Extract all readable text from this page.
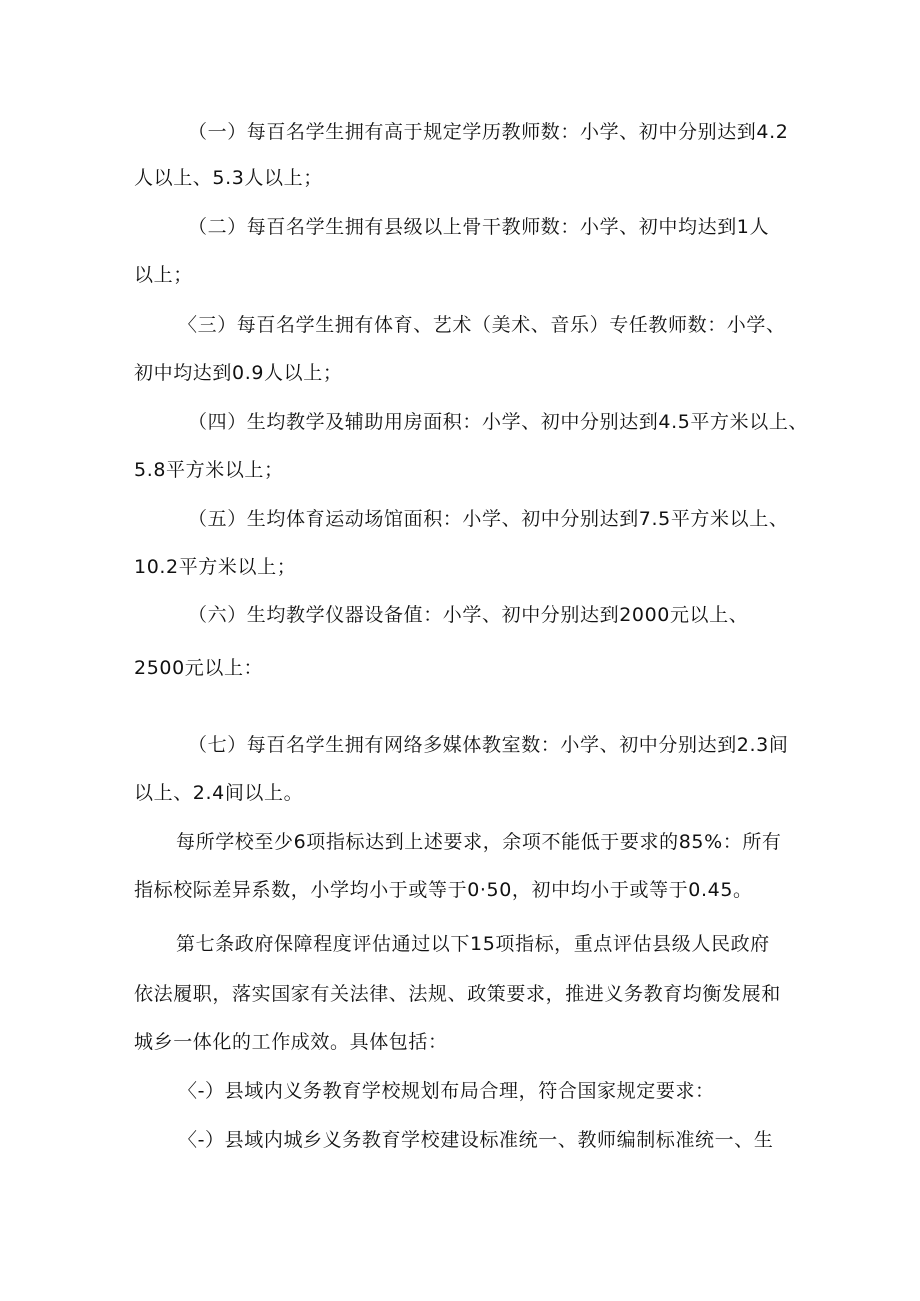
（一）每百名学生拥有高于规定学历教师数：小学、初中分别达到4.2
人以上、5.3人以上；
（二）每百名学生拥有县级以上骨干教师数：小学、初中均达到1人
以上；
〈三）每百名学生拥有体育、艺术（美术、音乐）专任教师数：小学、
初中均达到0.9人以上；
（四）生均教学及辅助用房面积：小学、初中分别达到4.5平方米以上、
5.8平方米以上；
（五）生均体育运动场馆面积：小学、初中分别达到7.5平方米以上、
10.2平方米以上；
（六）生均教学仪器设备值：小学、初中分别达到2000元以上、
2500元以上：
（七）每百名学生拥有网络多媒体教室数：小学、初中分别达到2.3间
以上、2.4间以上。
每所学校至少6项指标达到上述要求，余项不能低于要求的85%：所有
指标校际差异系数，小学均小于或等于0·50，初中均小于或等于0.45。
第七条政府保障程度评估通过以下15项指标，重点评估县级人民政府
依法履职，落实国家有关法律、法规、政策要求，推进义务教育均衡发展和
城乡一体化的工作成效。具体包括：
〈-）县域内义务教育学校规划布局合理，符合国家规定要求：
〈-）县域内城乡义务教育学校建设标准统一、教师编制标准统一、生
